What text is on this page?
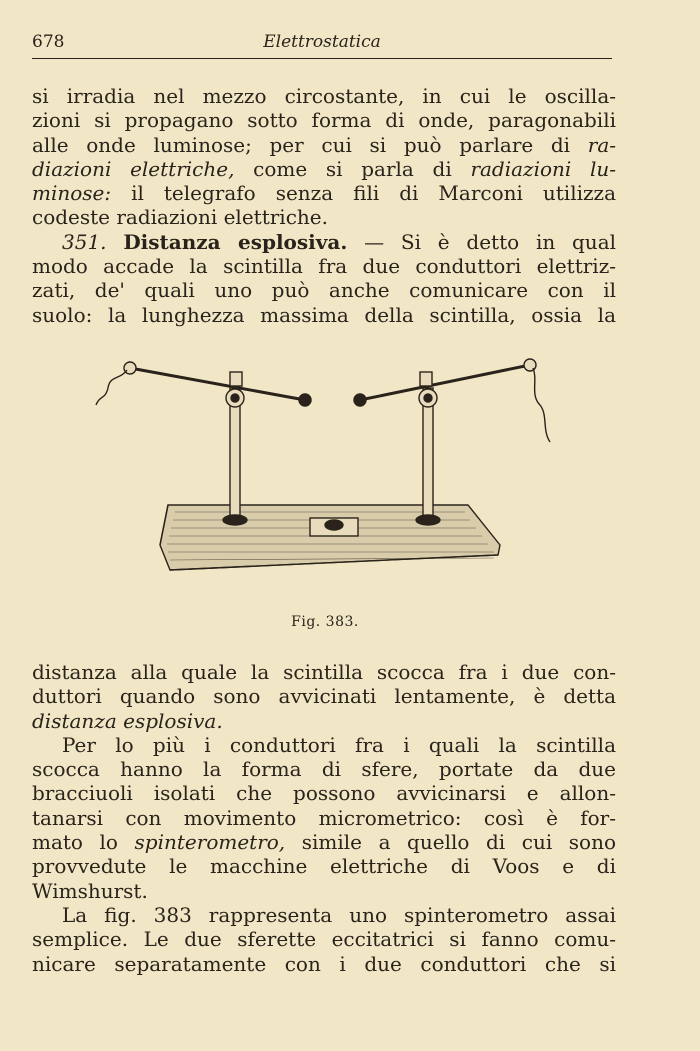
678	Elettrostatica
si irradia nel mezzo circostante, in cui le oscilla-
zioni si propagano sotto forma di onde, paragonabili
alle onde luminose; per cui si può parlare di ra-
diazioni elettriche, come si parla di radiazioni lu-
minose: il telegrafo senza fili di Marconi utilizza
codeste radiazioni elettriche.
351. Distanza esplosiva. — Si è detto in qual
modo accade la scintilla fra due conduttori elettriz-
zati, de' quali uno può anche comunicare con il
suolo: la lunghezza massima della scintilla, ossia la
Fig. 383.
distanza alla quale la scintilla scocca fra i due con-
duttori quando sono avvicinati lentamente, è detta
distanza esplosiva.
Per lo più i conduttori fra i quali la scintilla
scocca hanno la forma di sfere, portate da due
bracciuoli isolati che possono avvicinarsi e allon-
tanarsi con movimento micrometrico: così è for-
mato lo spinterometro, simile a quello di cui sono
provvedute le macchine elettriche di Voos e di
Wimshurst.
La fig. 383 rappresenta uno spinterometro assai
semplice. Le due sferette eccitatrici si fanno comu-
nicare separatamente con i due conduttori che si
